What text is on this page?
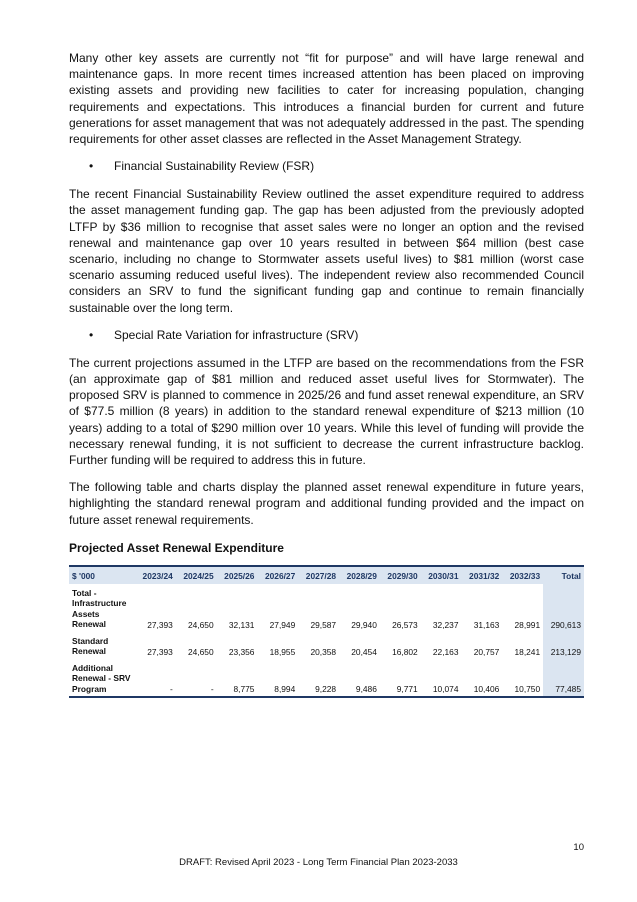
Many other key assets are currently not “fit for purpose” and will have large renewal and maintenance gaps. In more recent times increased attention has been placed on improving existing assets and providing new facilities to cater for increasing population, changing requirements and expectations. This introduces a financial burden for current and future generations for asset management that was not adequately addressed in the past. The spending requirements for other asset classes are reflected in the Asset Management Strategy.

•	Financial Sustainability Review (FSR)

The recent Financial Sustainability Review outlined the asset expenditure required to address the asset management funding gap. The gap has been adjusted from the previously adopted LTFP by $36 million to recognise that asset sales were no longer an option and the revised renewal and maintenance gap over 10 years resulted in between $64 million (best case scenario, including no change to Stormwater assets useful lives) to $81 million (worst case scenario assuming reduced useful lives). The independent review also recommended Council considers an SRV to fund the significant funding gap and continue to remain financially sustainable over the long term.

•	Special Rate Variation for infrastructure (SRV)

The current projections assumed in the LTFP are based on the recommendations from the FSR (an approximate gap of $81 million and reduced asset useful lives for Stormwater). The proposed SRV is planned to commence in 2025/26 and fund asset renewal expenditure, an SRV of $77.5 million (8 years) in addition to the standard renewal expenditure of $213 million (10 years) adding to a total of $290 million over 10 years. While this level of funding will provide the necessary renewal funding, it is not sufficient to decrease the current infrastructure backlog. Further funding will be required to address this in future.

The following table and charts display the planned asset renewal expenditure in future years, highlighting the standard renewal program and additional funding provided and the impact on future asset renewal requirements.

Projected Asset Renewal Expenditure
$ '000	2023/24	2024/25	2025/26	2026/27	2027/28	2028/29	2029/30	2030/31	2031/32	2032/33	Total
Total - Infrastructure Assets Renewal	27,393	24,650	32,131	27,949	29,587	29,940	26,573	32,237	31,163	28,991	290,613
Standard Renewal	27,393	24,650	23,356	18,955	20,358	20,454	16,802	22,163	20,757	18,241	213,129
Additional Renewal - SRV Program	-	-	8,775	8,994	9,228	9,486	9,771	10,074	10,406	10,750	77,485
10
DRAFT: Revised April 2023 - Long Term Financial Plan 2023-2033
